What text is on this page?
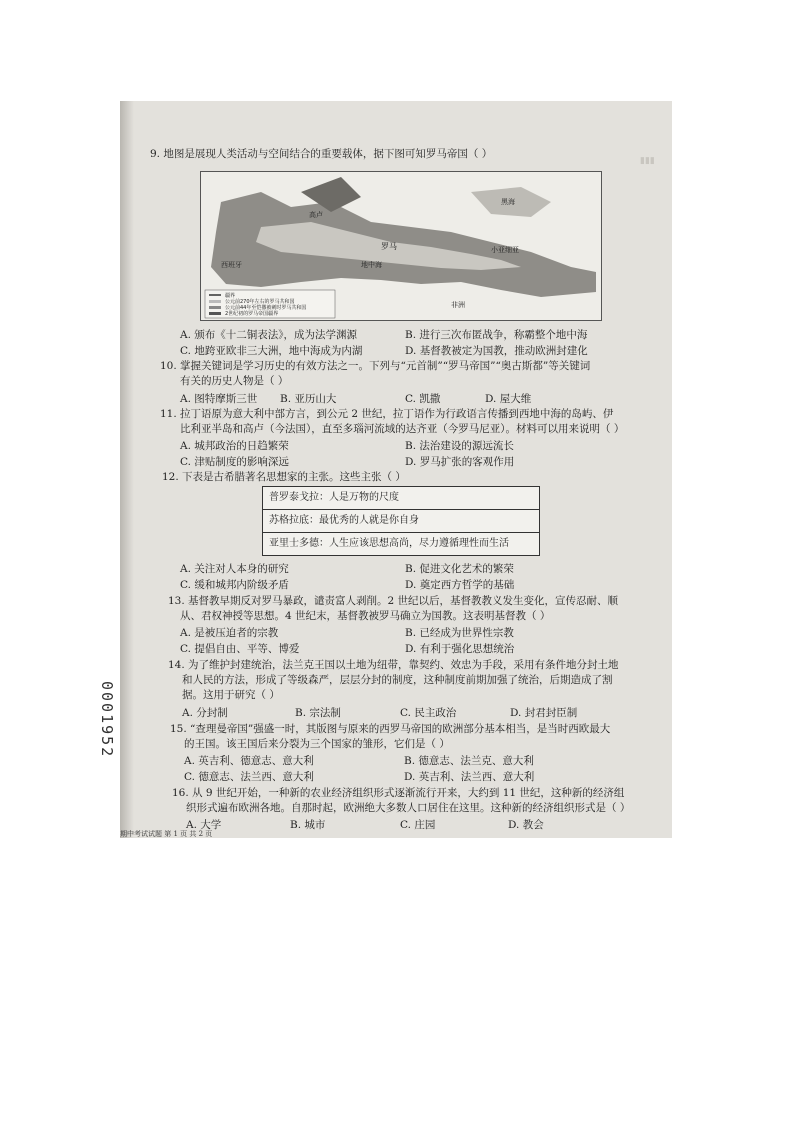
▮▮▮
9. 地图是展现人类活动与空间结合的重要载体，据下图可知罗马帝国（ ）
罗马
西班牙
高卢
小亚细亚
黑海
地中海
非洲
疆界
公元前270年左右的罗马共和国
公元前44年至恺撒被刺时罗马共和国
2世纪初的罗马帝国疆界
A. 颁布《十二铜表法》，成为法学渊源	B. 进行三次布匿战争，称霸整个地中海
C. 地跨亚欧非三大洲，地中海成为内湖	D. 基督教被定为国教，推动欧洲封建化
10. 掌握关键词是学习历史的有效方法之一。下列与“元首制”“罗马帝国”“奥古斯都”等关键词
有关的历史人物是（ ）
A. 图特摩斯三世 B. 亚历山大	C. 凯撒	D. 屋大维
11. 拉丁语原为意大利中部方言，到公元 2 世纪，拉丁语作为行政语言传播到西地中海的岛屿、伊
比利亚半岛和高卢（今法国），直至多瑙河流域的达齐亚（今罗马尼亚）。材料可以用来说明（ ）
A. 城邦政治的日趋繁荣	B. 法治建设的源远流长
C. 津贴制度的影响深远	D. 罗马扩张的客观作用
12. 下表是古希腊著名思想家的主张。这些主张（ ）
普罗泰戈拉：人是万物的尺度
苏格拉底：最优秀的人就是你自身
亚里士多德：人生应该思想高尚，尽力遵循理性而生活
A. 关注对人本身的研究	B. 促进文化艺术的繁荣
C. 缓和城邦内阶级矛盾	D. 奠定西方哲学的基础
13. 基督教早期反对罗马暴政，谴责富人剥削。2 世纪以后，基督教教义发生变化，宣传忍耐、顺
从、君权神授等思想。4 世纪末，基督教被罗马确立为国教。这表明基督教（ ）
A. 是被压迫者的宗教	B. 已经成为世界性宗教
C. 提倡自由、平等、博爱	D. 有利于强化思想统治
14. 为了维护封建统治，法兰克王国以土地为纽带，靠契约、效忠为手段，采用有条件地分封土地
和人民的方法，形成了等级森严，层层分封的制度，这种制度前期加强了统治，后期造成了割
据。这用于研究（ ）
A. 分封制	B. 宗法制	C. 民主政治	D. 封君封臣制
15. “查理曼帝国”强盛一时，其版图与原来的西罗马帝国的欧洲部分基本相当，是当时西欧最大
的王国。该王国后来分裂为三个国家的雏形，它们是（ ）
A. 英吉利、德意志、意大利	B. 德意志、法兰克、意大利
C. 德意志、法兰西、意大利	D. 英吉利、法兰西、意大利
16. 从 9 世纪开始，一种新的农业经济组织形式逐渐流行开来，大约到 11 世纪，这种新的经济组
织形式遍布欧洲各地。自那时起，欧洲绝大多数人口居住在这里。这种新的经济组织形式是（ ）
A. 大学	B. 城市	C. 庄园	D. 教会
0001952
期中考试试题 第 1 页 共 2 页
